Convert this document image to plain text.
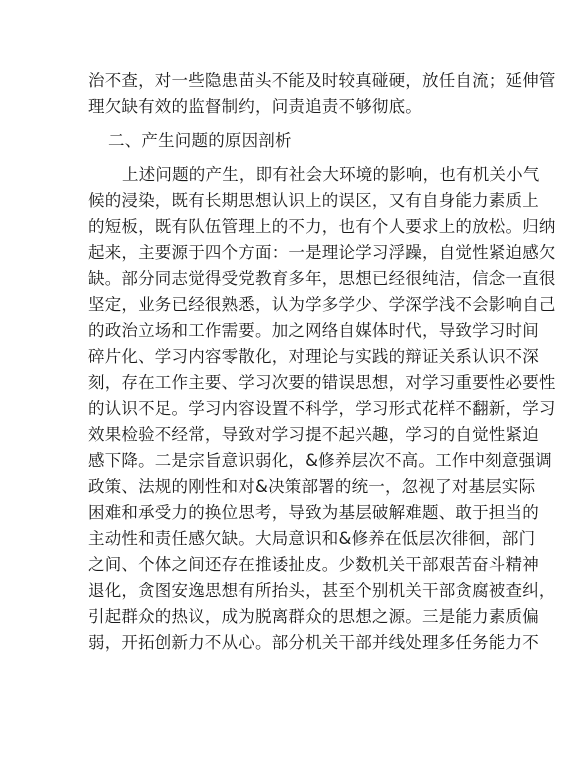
治不查，对一些隐患苗头不能及时较真碰硬，放任自流；延伸管
理欠缺有效的监督制约，问责追责不够彻底。
二、产生问题的原因剖析
上述问题的产生，即有社会大环境的影响，也有机关小气
候的浸染，既有长期思想认识上的误区，又有自身能力素质上
的短板，既有队伍管理上的不力，也有个人要求上的放松。归纳
起来，主要源于四个方面：一是理论学习浮躁，自觉性紧迫感欠
缺。部分同志觉得受党教育多年，思想已经很纯洁，信念一直很
坚定，业务已经很熟悉，认为学多学少、学深学浅不会影响自己
的政治立场和工作需要。加之网络自媒体时代，导致学习时间
碎片化、学习内容零散化，对理论与实践的辩证关系认识不深
刻，存在工作主要、学习次要的错误思想，对学习重要性必要性
的认识不足。学习内容设置不科学，学习形式花样不翻新，学习
效果检验不经常，导致对学习提不起兴趣，学习的自觉性紧迫
感下降。二是宗旨意识弱化，&修养层次不高。工作中刻意强调
政策、法规的刚性和对&决策部署的统一，忽视了对基层实际
困难和承受力的换位思考，导致为基层破解难题、敢于担当的
主动性和责任感欠缺。大局意识和&修养在低层次徘徊，部门
之间、个体之间还存在推诿扯皮。少数机关干部艰苦奋斗精神
退化，贪图安逸思想有所抬头，甚至个别机关干部贪腐被查纠，
引起群众的热议，成为脱离群众的思想之源。三是能力素质偏
弱，开拓创新力不从心。部分机关干部并线处理多任务能力不
